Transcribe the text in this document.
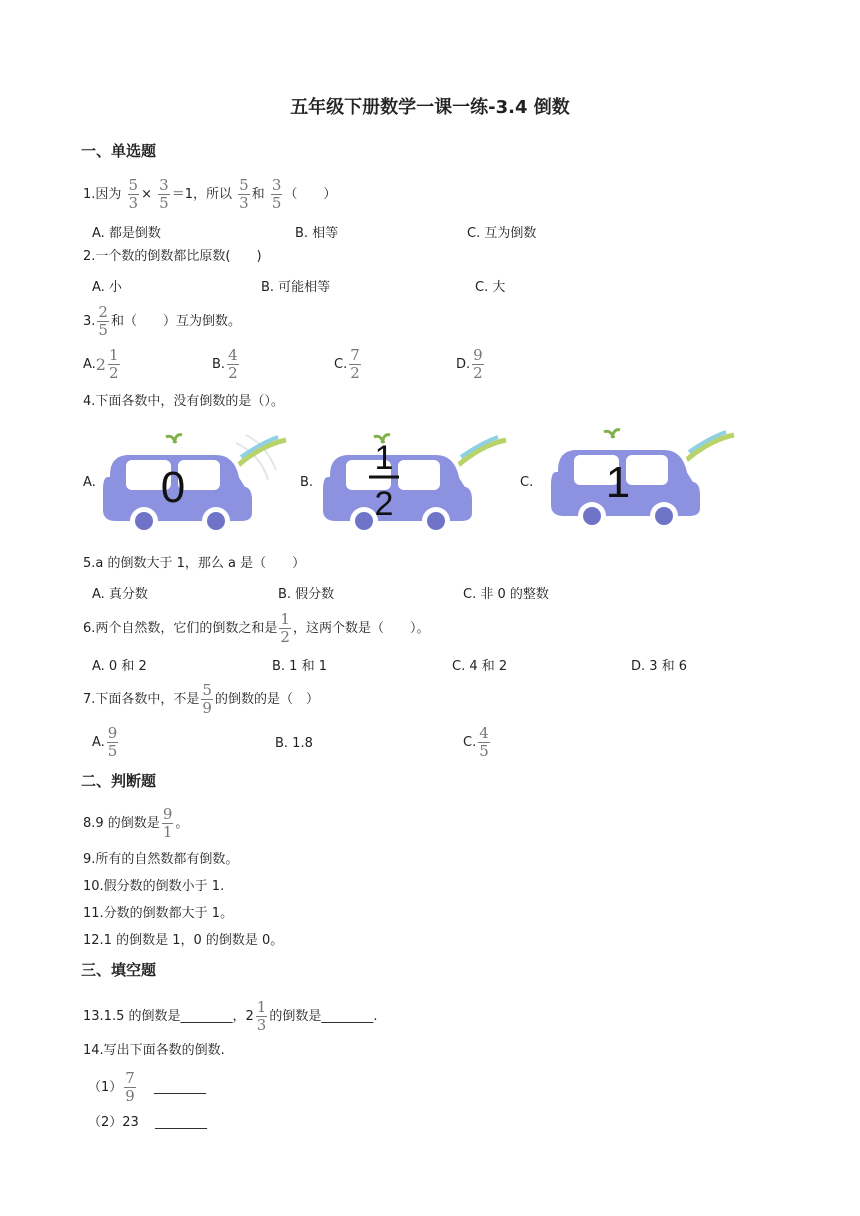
五年级下册数学一课一练-3.4 倒数
一、单选题
1.因为 $\frac{5}{3} \times \frac{3}{5} =1$，所以 $\frac{5}{3}$ 和 $\frac{3}{5}$ （　　）
A. 都是倒数	B. 相等	C. 互为倒数
2.一个数的倒数都比原数(　　)
A. 小	B. 可能相等	C. 大
3. $\frac{2}{5}$ 和（　　）互为倒数。
$A.2 \frac{1}{2}$	B. $\frac{4}{2}$	C. $\frac{7}{2}$	D. $\frac{9}{2}$
4.下面各数中，没有倒数的是（）。
A.	B.	C.
0
1
2	1
5.a 的倒数大于 1，那么 a 是（　　）
A. 真分数	B. 假分数	C. 非 0 的整数
6.两个自然数，它们的倒数之和是 $\frac{1}{2}$ ，这两个数是（　　）。
A. 0 和 2	B. 1 和 1	C. 4 和 2	D. 3 和 6
7.下面各数中，不是 $\frac{5}{9}$ 的倒数的是（　）
A. $\frac{9}{5}$	B. 1.8	C. $\frac{4}{5}$
二、判断题
8.9 的倒数是 $\frac{9}{1}$ 。
9.所有的自然数都有倒数。
10.假分数的倒数小于 1.
11.分数的倒数都大于 1。
12.1 的倒数是 1，0 的倒数是 0。
三、填空题
13.1.5 的倒数是________，$2 \frac{1}{3}$ 的倒数是________.
14.写出下面各数的倒数.
$(1) \frac{7}{9}$ ________
（2）23 ________
